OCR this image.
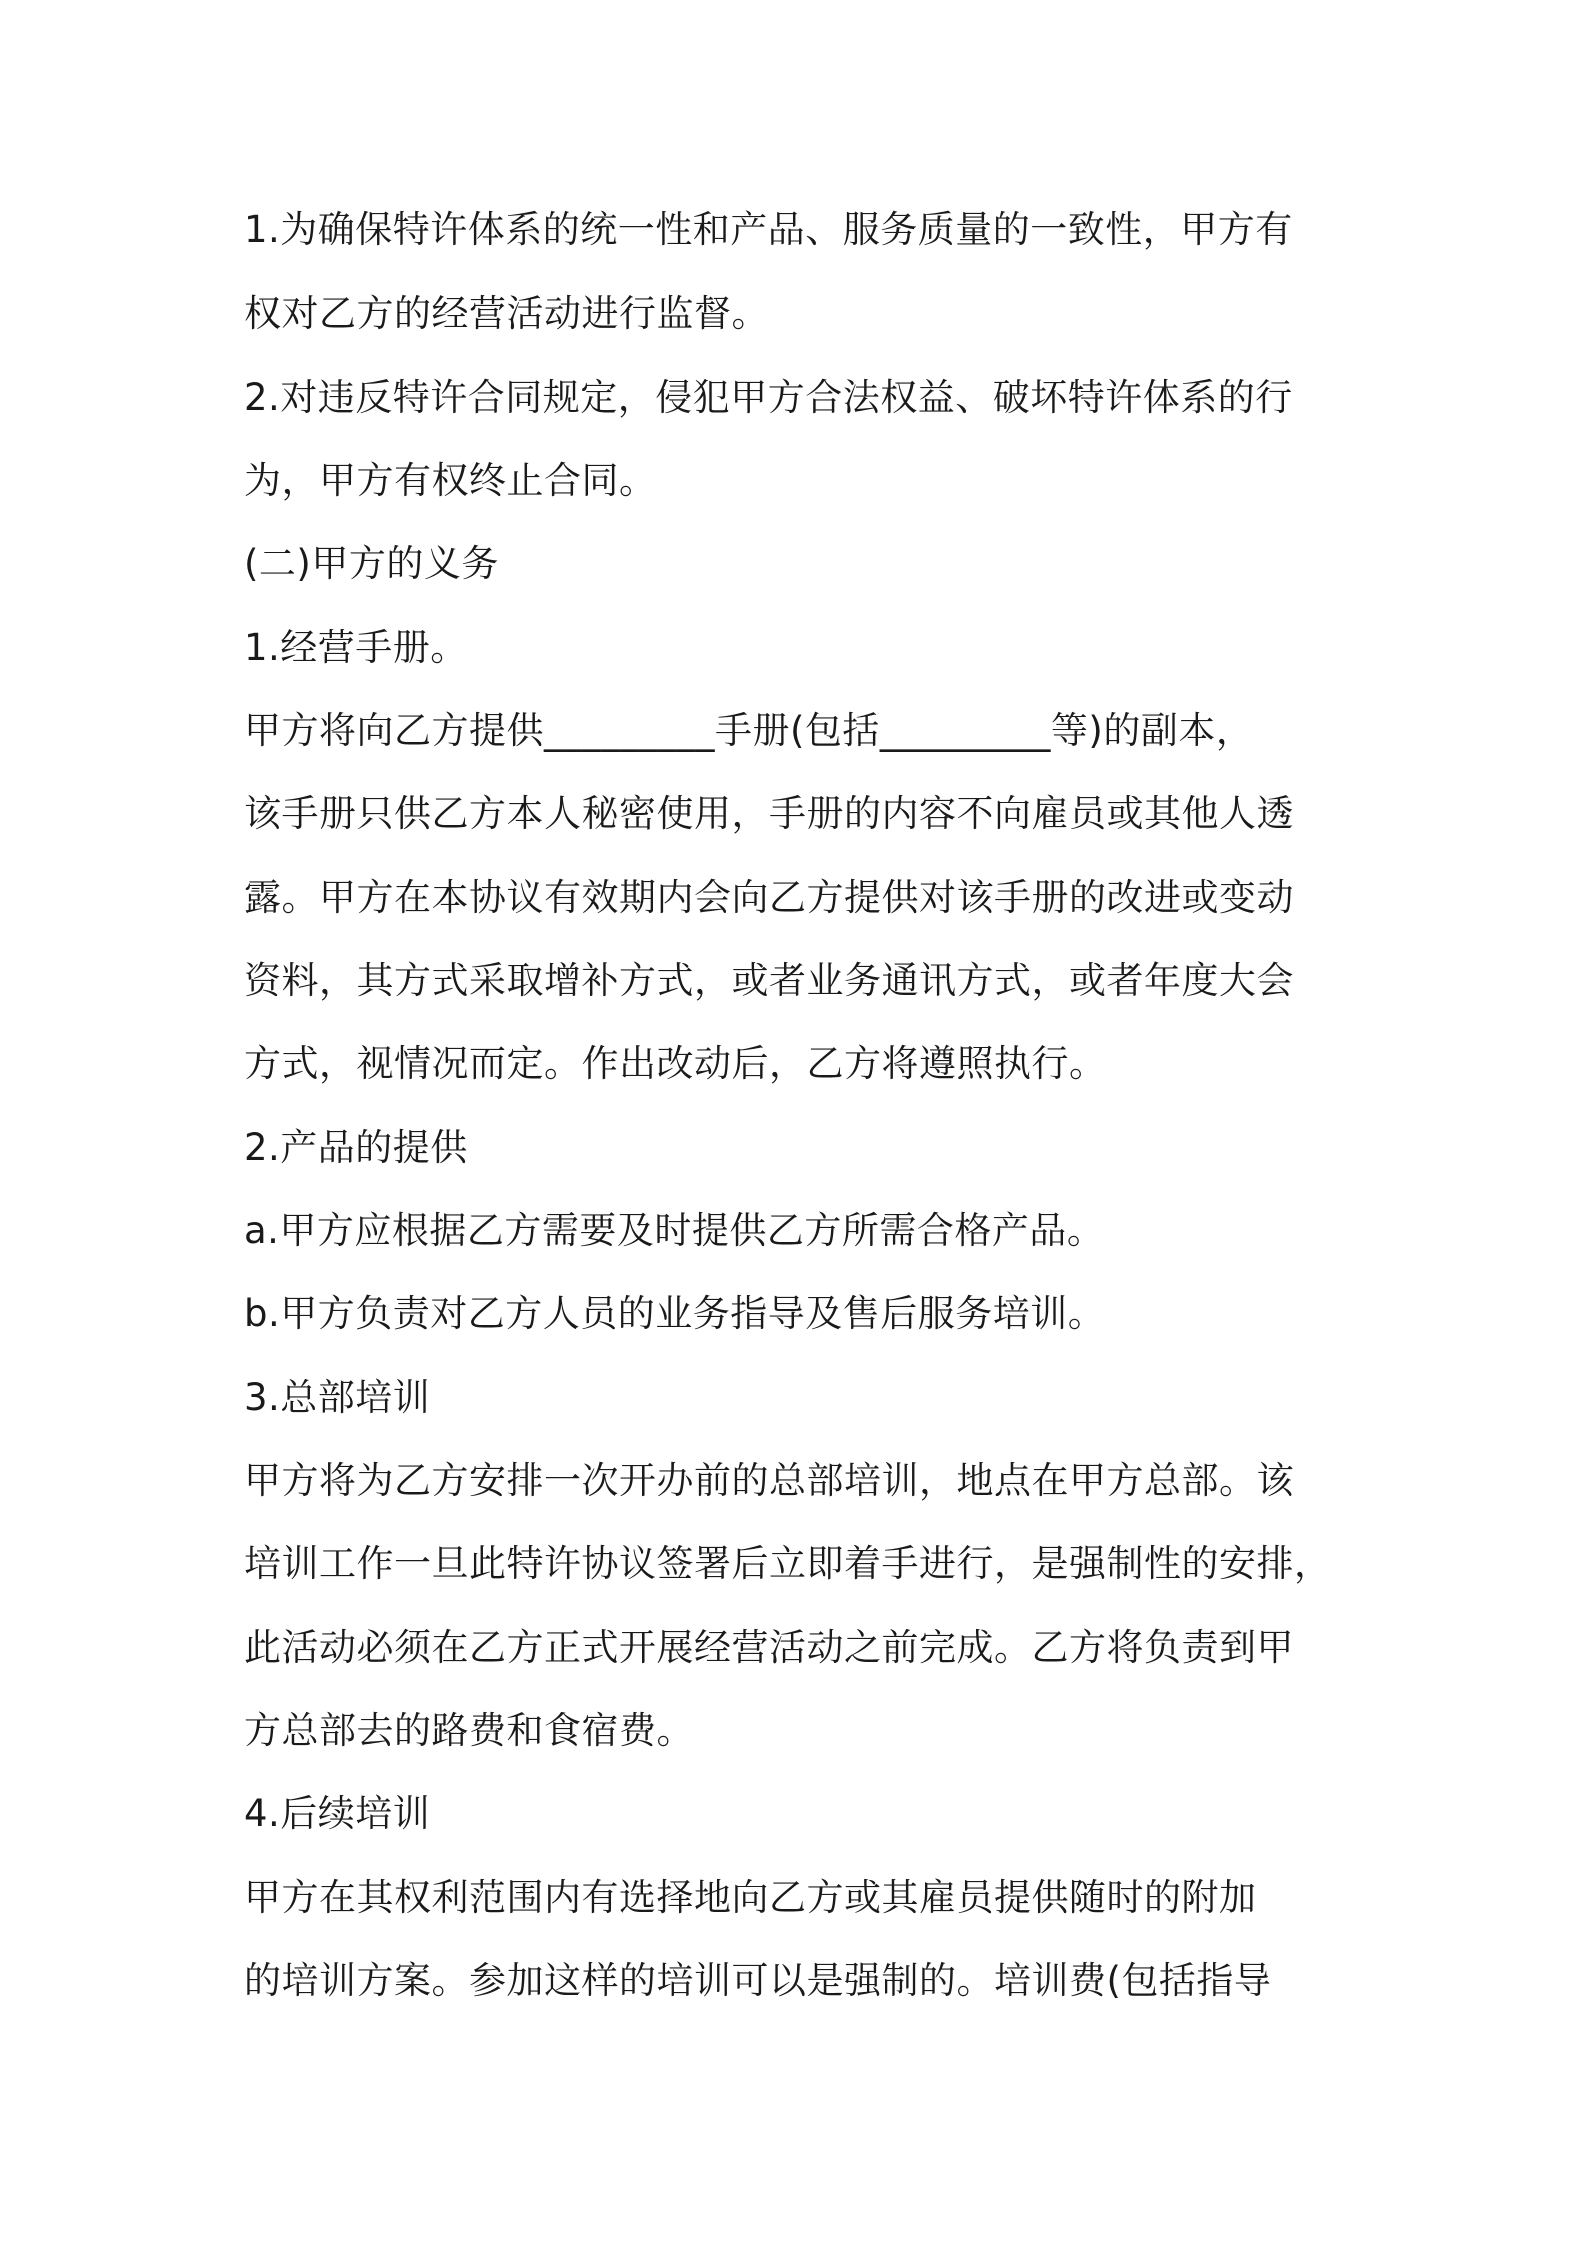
1.为确保特许体系的统一性和产品、服务质量的一致性，甲方有

权对乙方的经营活动进行监督。

2.对违反特许合同规定，侵犯甲方合法权益、破坏特许体系的行

为，甲方有权终止合同。

(二)甲方的义务

1.经营手册。

甲方将向乙方提供_________手册(包括_________等)的副本，

该手册只供乙方本人秘密使用，手册的内容不向雇员或其他人透

露。甲方在本协议有效期内会向乙方提供对该手册的改进或变动

资料，其方式采取增补方式，或者业务通讯方式，或者年度大会

方式，视情况而定。作出改动后，乙方将遵照执行。

2.产品的提供

a.甲方应根据乙方需要及时提供乙方所需合格产品。

b.甲方负责对乙方人员的业务指导及售后服务培训。

3.总部培训

甲方将为乙方安排一次开办前的总部培训，地点在甲方总部。该

培训工作一旦此特许协议签署后立即着手进行，是强制性的安排，

此活动必须在乙方正式开展经营活动之前完成。乙方将负责到甲

方总部去的路费和食宿费。

4.后续培训

甲方在其权利范围内有选择地向乙方或其雇员提供随时的附加

的培训方案。参加这样的培训可以是强制的。培训费(包括指导
